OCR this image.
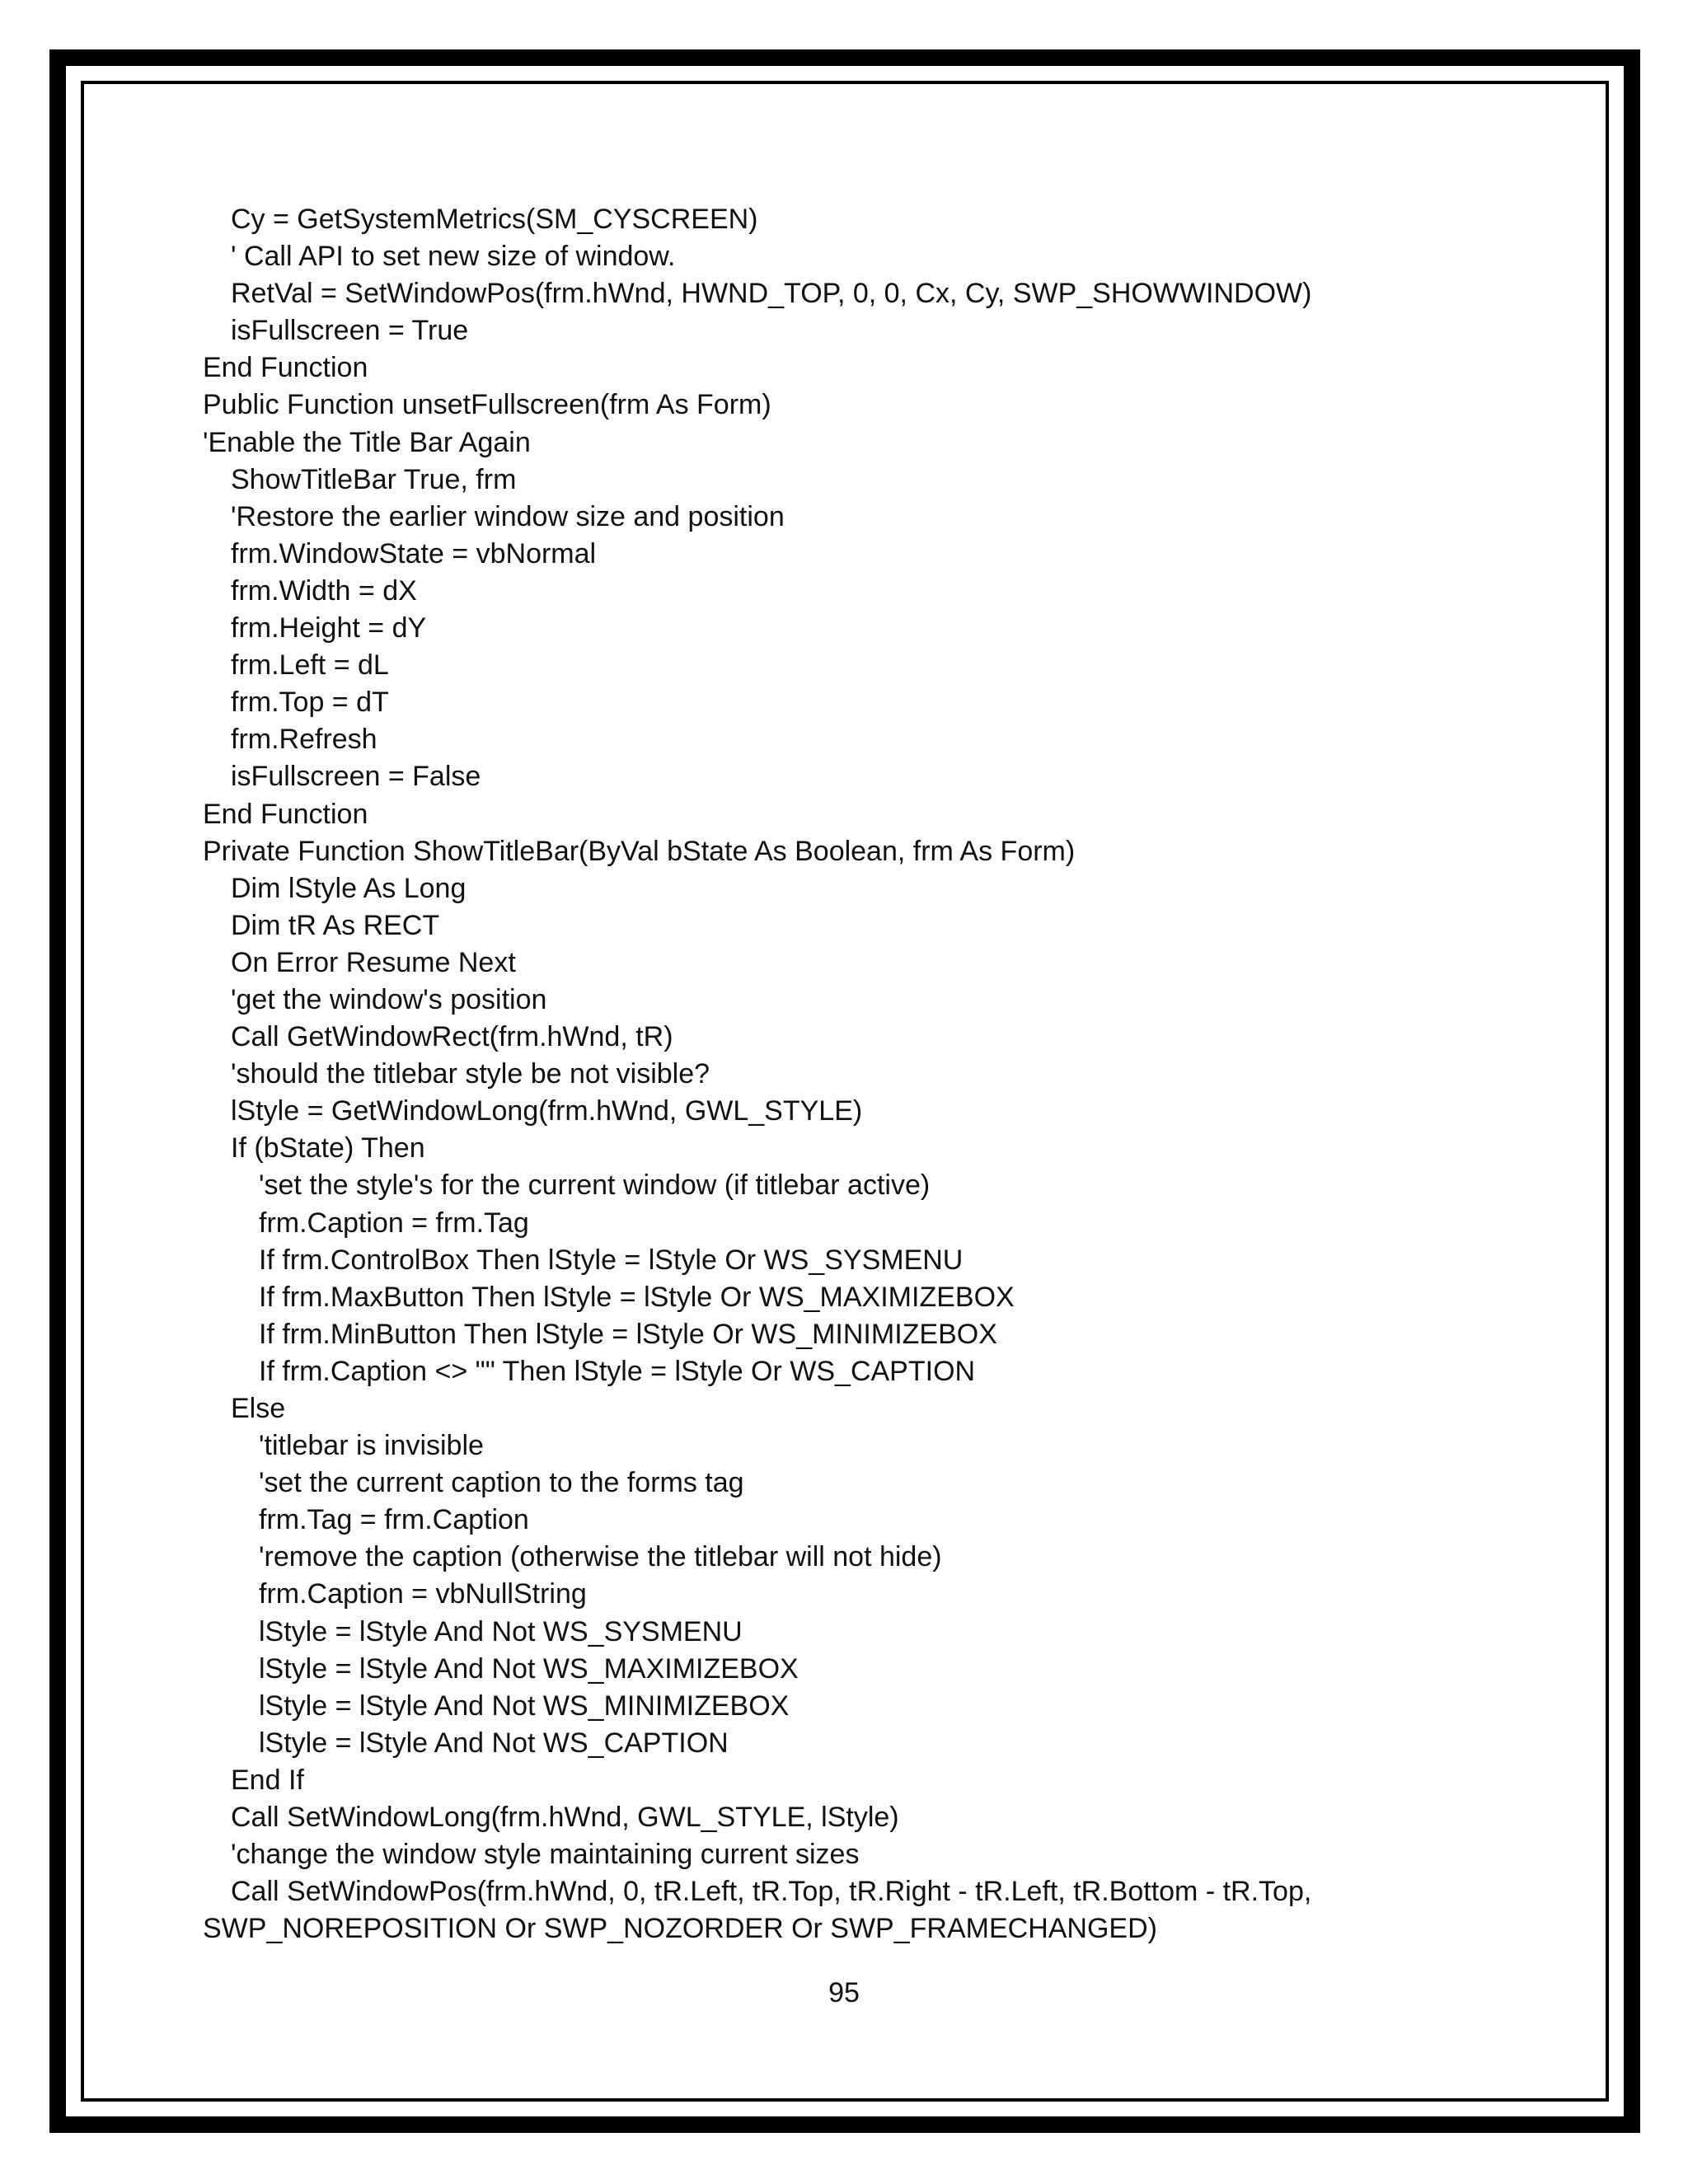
Cy = GetSystemMetrics(SM_CYSCREEN)
' Call API to set new size of window.
RetVal = SetWindowPos(frm.hWnd, HWND_TOP, 0, 0, Cx, Cy, SWP_SHOWWINDOW)
isFullscreen = True
End Function
Public Function unsetFullscreen(frm As Form)
'Enable the Title Bar Again
ShowTitleBar True, frm
'Restore the earlier window size and position
frm.WindowState = vbNormal
frm.Width = dX
frm.Height = dY
frm.Left = dL
frm.Top = dT
frm.Refresh
isFullscreen = False
End Function
Private Function ShowTitleBar(ByVal bState As Boolean, frm As Form)
Dim lStyle As Long
Dim tR As RECT
On Error Resume Next
'get the window's position
Call GetWindowRect(frm.hWnd, tR)
'should the titlebar style be not visible?
lStyle = GetWindowLong(frm.hWnd, GWL_STYLE)
If (bState) Then
'set the style's for the current window (if titlebar active)
frm.Caption = frm.Tag
If frm.ControlBox Then lStyle = lStyle Or WS_SYSMENU
If frm.MaxButton Then lStyle = lStyle Or WS_MAXIMIZEBOX
If frm.MinButton Then lStyle = lStyle Or WS_MINIMIZEBOX
If frm.Caption <> "" Then lStyle = lStyle Or WS_CAPTION
Else
'titlebar is invisible
'set the current caption to the forms tag
frm.Tag = frm.Caption
'remove the caption (otherwise the titlebar will not hide)
frm.Caption = vbNullString
lStyle = lStyle And Not WS_SYSMENU
lStyle = lStyle And Not WS_MAXIMIZEBOX
lStyle = lStyle And Not WS_MINIMIZEBOX
lStyle = lStyle And Not WS_CAPTION
End If
Call SetWindowLong(frm.hWnd, GWL_STYLE, lStyle)
'change the window style maintaining current sizes
Call SetWindowPos(frm.hWnd, 0, tR.Left, tR.Top, tR.Right - tR.Left, tR.Bottom - tR.Top,
SWP_NOREPOSITION Or SWP_NOZORDER Or SWP_FRAMECHANGED)
95
